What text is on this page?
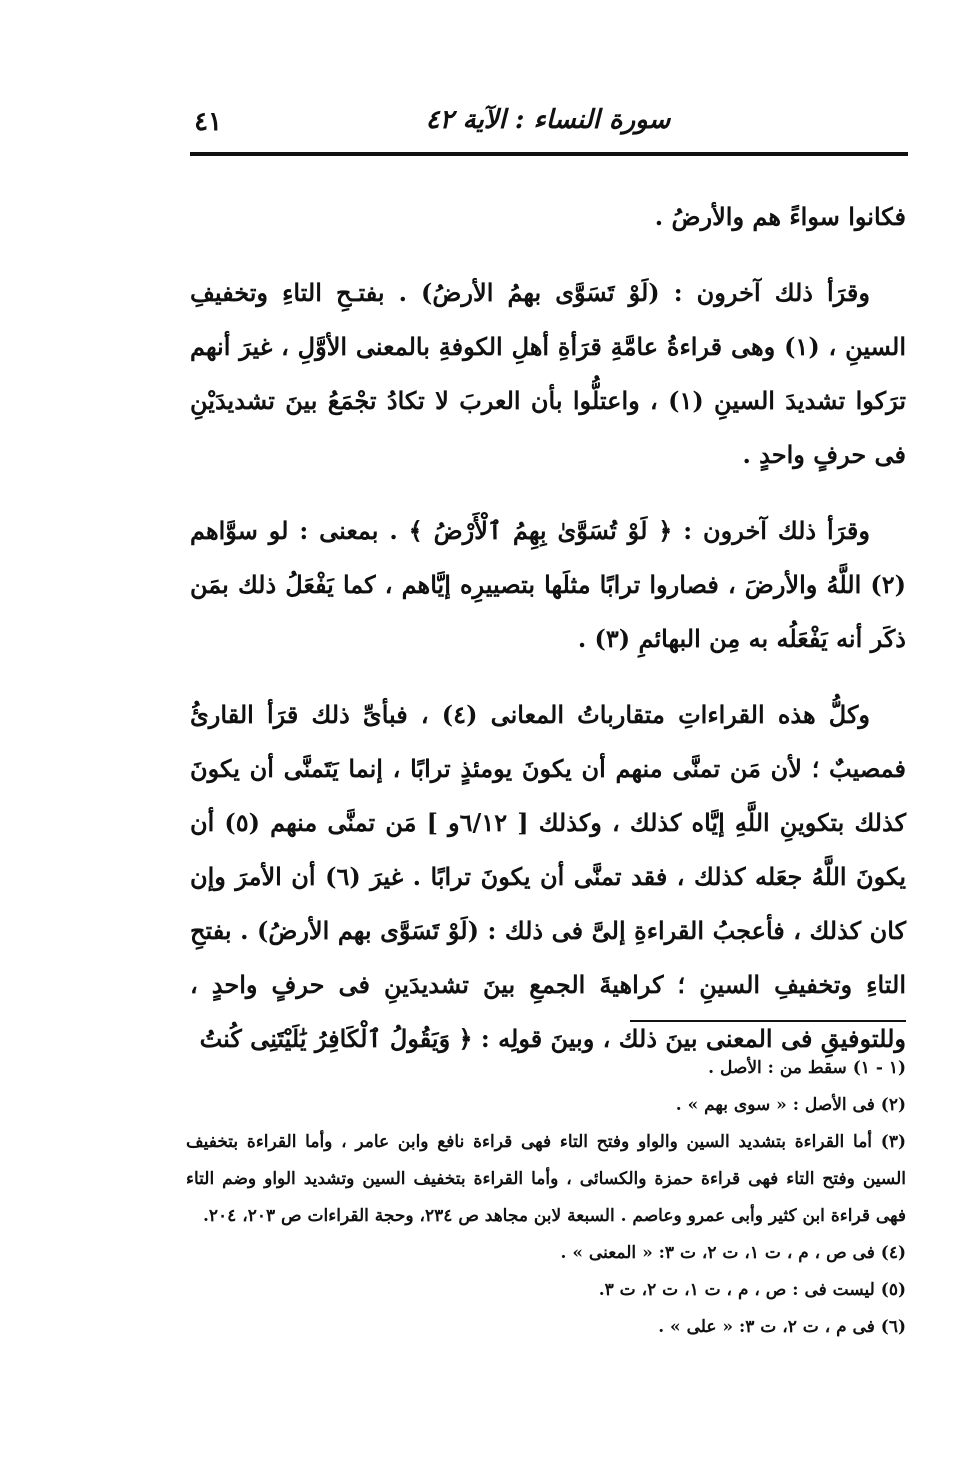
٤١	سورة النساء : الآية ٤٢

فكانوا سواءً هم والأرضُ .

وقرَأ ذلك آخرون : (لَوْ تَسَوَّى بهمُ الأرضُ) . بفتـحِ التاءِ وتخفيفِ السينِ ، (١) وهى قراءةُ عامَّةِ قرَأةِ أهلِ الكوفةِ بالمعنى الأوَّلِ ، غيرَ أنهم ترَكوا تشديدَ السينِ (١) ، واعتلُّوا بأن العربَ لا تكادُ تجْمَعُ بينَ تشديدَيْنِ فى حرفٍ واحدٍ .

وقرَأ ذلك آخرون : ﴿ لَوْ تُسَوَّىٰ بِهِمُ ٱلْأَرْضُ ﴾ . بمعنى : لو سوَّاهم (٢) اللَّهُ والأرضَ ، فصاروا ترابًا مثلَها بتصييرِه إيَّاهم ، كما يَفْعَلُ ذلك بمَن ذكَر أنه يَفْعَلُه به مِن البهائمِ (٣) .

وكلُّ هذه القراءاتِ متقارباتُ المعانى (٤) ، فبأىِّ ذلك قرَأ القارئُ فمصيبٌ ؛ لأن مَن تمنَّى منهم أن يكونَ يومئذٍ ترابًا ، إنما يَتَمنَّى أن يكونَ كذلك بتكوينِ اللَّهِ إيَّاه كذلك ، وكذلك [ ٦/١٢و ] مَن تمنَّى منهم (٥) أن يكونَ اللَّهُ جعَله كذلك ، فقد تمنَّى أن يكونَ ترابًا . غيرَ (٦) أن الأمرَ وإن كان كذلك ، فأعجبُ القراءةِ إلىَّ فى ذلك : (لَوْ تَسَوَّى بهم الأرضُ) . بفتحِ التاءِ وتخفيفِ السينِ ؛ كراهيةَ الجمعِ بينَ تشديدَينِ فى حرفٍ واحدٍ ، وللتوفيقِ فى المعنى بينَ ذلك ، وبينَ قولِه : ﴿ وَيَقُولُ ٱلْكَافِرُ يَٰلَيْتَنِى كُنتُ

(١ - ١) سقط من : الأصل .

(٢) فى الأصل : « سوى بهم » .

(٣) أما القراءة بتشديد السين والواو وفتح التاء فهى قراءة نافع وابن عامر ، وأما القراءة بتخفيف السين وفتح التاء فهى قراءة حمزة والكسائى ، وأما القراءة بتخفيف السين وتشديد الواو وضم التاء فهى قراءة ابن كثير وأبى عمرو وعاصم . السبعة لابن مجاهد ص ٢٣٤، وحجة القراءات ص ٢٠٣، ٢٠٤.

(٤) فى ص ، م ، ت ١، ت ٢، ت ٣: « المعنى » .

(٥) ليست فى : ص ، م ، ت ١، ت ٢، ت ٣.

(٦) فى م ، ت ٢، ت ٣: « على » .
